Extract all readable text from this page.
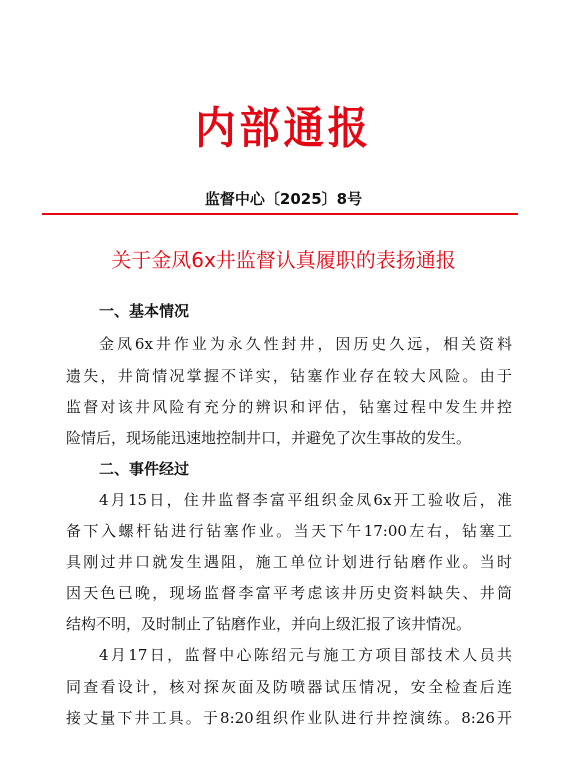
内部通报
监督中心〔2025〕8号
关于金凤6x井监督认真履职的表扬通报
一、基本情况
金凤6x井作业为永久性封井，因历史久远，相关资料
遗失，井筒情况掌握不详实，钻塞作业存在较大风险。由于
监督对该井风险有充分的辨识和评估，钻塞过程中发生井控
险情后，现场能迅速地控制井口，并避免了次生事故的发生。
二、事件经过
4月15日，住井监督李富平组织金凤6x开工验收后，准
备下入螺杆钻进行钻塞作业。当天下午17:00左右，钻塞工
具刚过井口就发生遇阻，施工单位计划进行钻磨作业。当时
因天色已晚，现场监督李富平考虑该井历史资料缺失、井筒
结构不明，及时制止了钻磨作业，并向上级汇报了该井情况。
4月17日，监督中心陈绍元与施工方项目部技术人员共
同查看设计，核对探灰面及防喷器试压情况，安全检查后连
接丈量下井工具。于8:20组织作业队进行井控演练。8:26开
